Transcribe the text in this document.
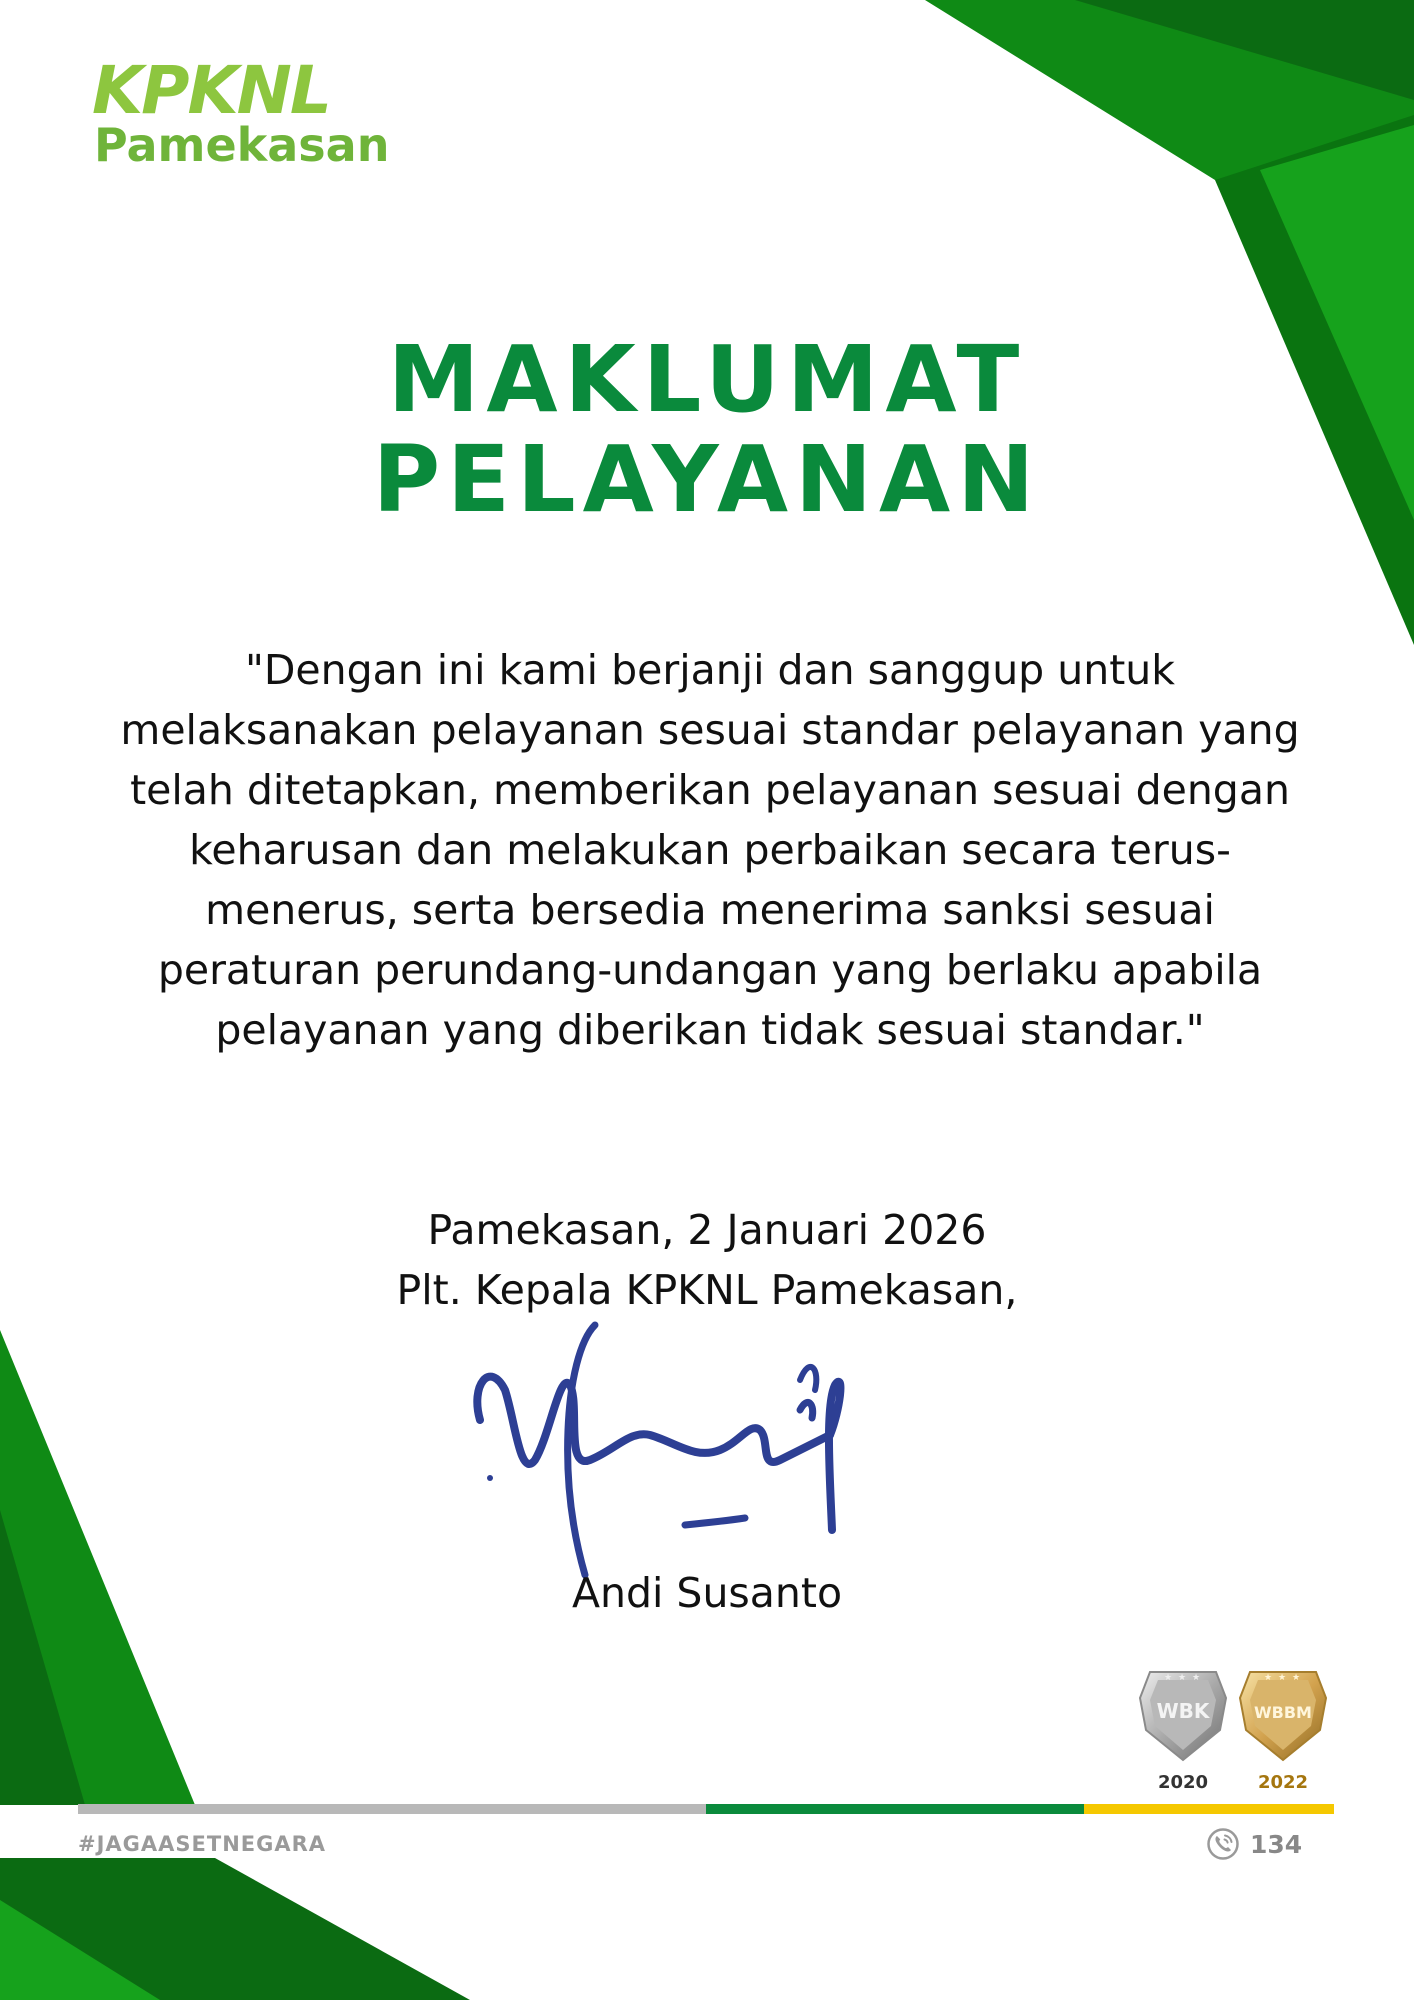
KPKNL
Pamekasan
MAKLUMAT
PELAYANAN
"Dengan ini kami berjanji dan sanggup untuk melaksanakan pelayanan sesuai standar pelayanan yang telah ditetapkan, memberikan pelayanan sesuai dengan keharusan dan melakukan perbaikan secara terus-menerus, serta bersedia menerima sanksi sesuai peraturan perundang-undangan yang berlaku apabila pelayanan yang diberikan tidak sesuai standar."
Pamekasan, 2 Januari 2026
Plt. Kepala KPKNL Pamekasan,
Andi Susanto
★ ★ ★
WBK
2020
★ ★ ★
WBBM
2022
#JAGAASETNEGARA	134
